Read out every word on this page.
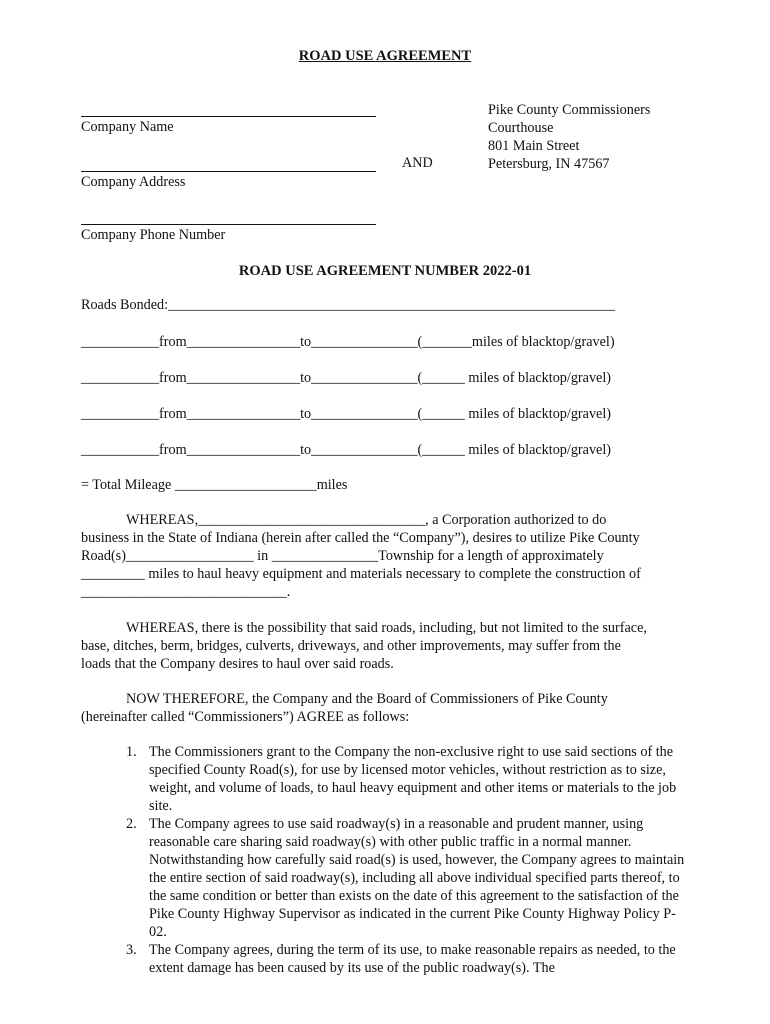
ROAD USE AGREEMENT
Company Name
Company Address
Company Phone Number
AND
Pike County Commissioners
Courthouse
801 Main Street
Petersburg, IN 47567
ROAD USE AGREEMENT NUMBER 2022-01
Roads Bonded:_______________________________________________________________
___________from________________to_______________(_______miles of blacktop/gravel)
___________from________________to_______________(______ miles of blacktop/gravel)
___________from________________to_______________(______ miles of blacktop/gravel)
___________from________________to_______________(______ miles of blacktop/gravel)
= Total Mileage ____________________miles
WHEREAS,________________________________, a Corporation authorized to do
business in the State of Indiana (herein after called the “Company”), desires to utilize Pike County
Road(s)__________________ in _______________Township for a length of approximately
_________ miles to haul heavy equipment and materials necessary to complete the construction of
_____________________________.
WHEREAS, there is the possibility that said roads, including, but not limited to the surface,
base, ditches, berm, bridges, culverts, driveways, and other improvements, may suffer from the
loads that the Company desires to haul over said roads.
NOW THEREFORE, the Company and the Board of Commissioners of Pike County
(hereinafter called “Commissioners”) AGREE as follows:
1. The Commissioners grant to the Company the non-exclusive right to use said sections of the specified County Road(s), for use by licensed motor vehicles, without restriction as to size, weight, and volume of loads, to haul heavy equipment and other items or materials to the job site.
2. The Company agrees to use said roadway(s) in a reasonable and prudent manner, using reasonable care sharing said roadway(s) with other public traffic in a normal manner. Notwithstanding how carefully said road(s) is used, however, the Company agrees to maintain the entire section of said roadway(s), including all above individual specified parts thereof, to the same condition or better than exists on the date of this agreement to the satisfaction of the Pike County Highway Supervisor as indicated in the current Pike County Highway Policy P-02.
3. The Company agrees, during the term of its use, to make reasonable repairs as needed, to the extent damage has been caused by its use of the public roadway(s). The
